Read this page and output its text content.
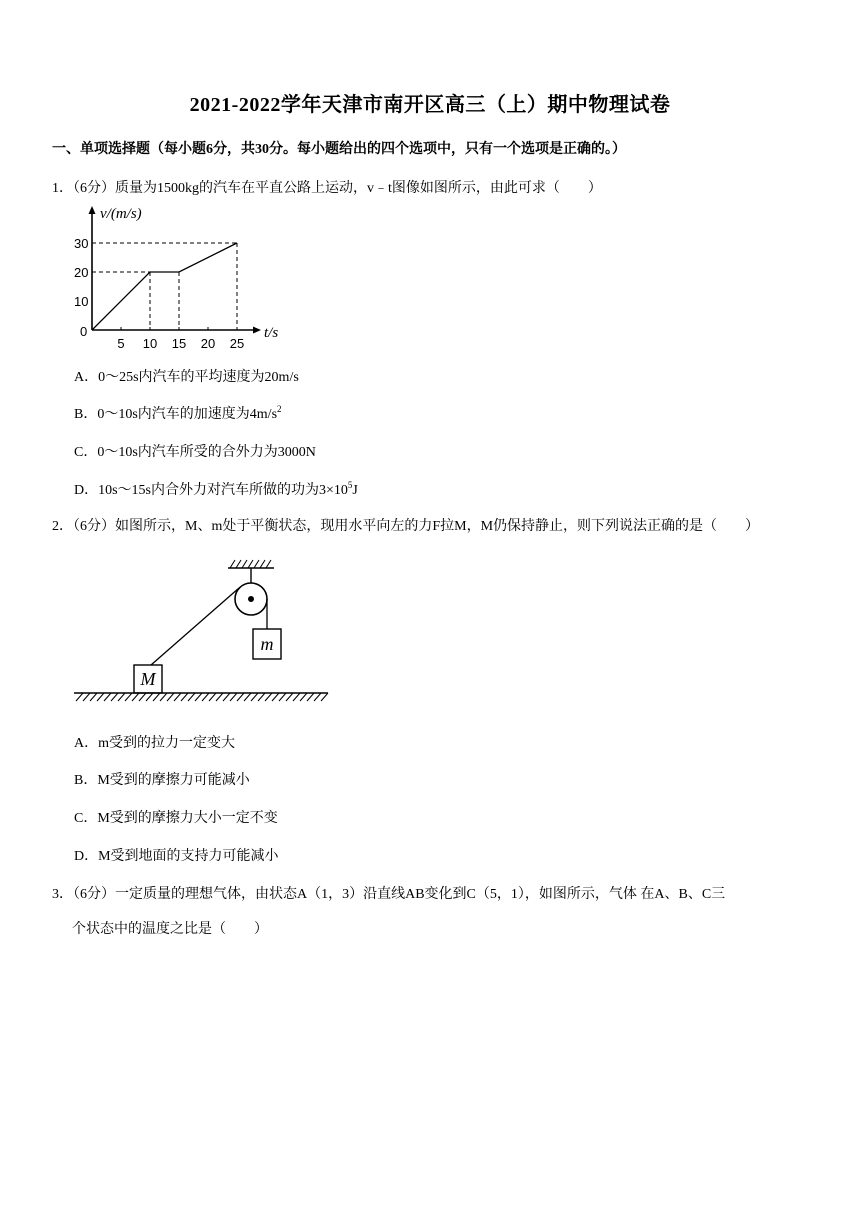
2021-2022学年天津市南开区高三（上）期中物理试卷
一、单项选择题（每小题6分，共30分。每小题给出的四个选项中，只有一个选项是正确的。）
1．（6分）质量为1500kg的汽车在平直公路上运动，v﹣t图像如图所示，由此可求（　　）
v/(m/s)
t/s
0
30
20
10
5 10 15 20 25
A．0～25s内汽车的平均速度为20m/s
B．0～10s内汽车的加速度为$4m/s^2$
C．0～10s内汽车所受的合外力为3000N
D．10s～15s内合外力对汽车所做的功为$3\times 10^5J$
2．（6分）如图所示，M、m处于平衡状态，现用水平向左的力F拉M，M仍保持静止，则下列说法正确的是（　　）
m
M
A．m受到的拉力一定变大
B．M受到的摩擦力可能减小
C．M受到的摩擦力大小一定不变
D．M受到地面的支持力可能减小
3．（6分）一定质量的理想气体，由状态A（1，3）沿直线AB变化到C（5，1），如图所示，气体 在A、B、C三
个状态中的温度之比是（　　）
